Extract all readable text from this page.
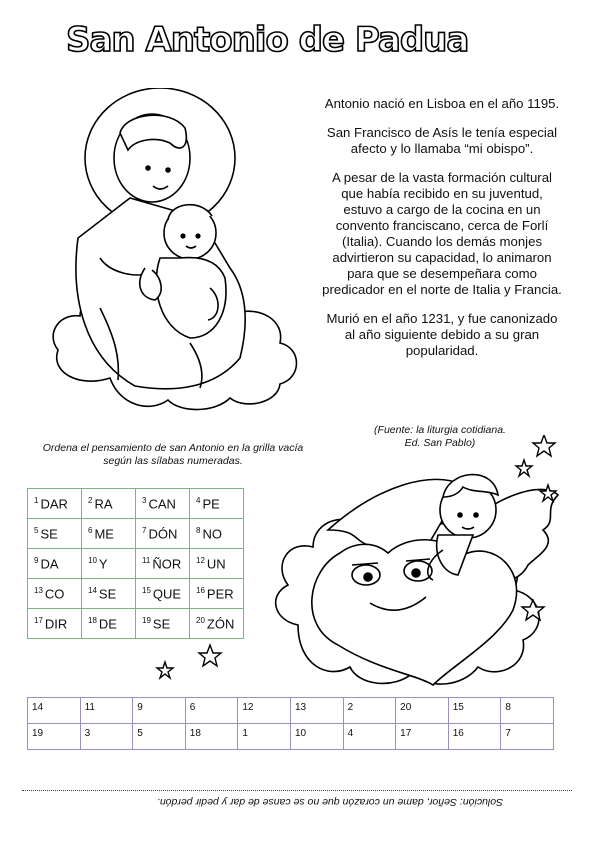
San Antonio de Padua

Antonio nació en Lisboa en el año 1195.

San Francisco de Asís le tenía especial afecto y lo llamaba “mi obispo”.

A pesar de la vasta formación cultural que había recibido en su juventud, estuvo a cargo de la cocina en un convento franciscano, cerca de Forlí (Italia). Cuando los demás monjes advirtieron su capacidad, lo animaron para que se desempeñara como predicador en el norte de Italia y Francia.

Murió en el año 1231, y fue canonizado al año siguiente debido a su gran popularidad.

(Fuente: la liturgia cotidiana.
Ed. San Pablo)
Ordena el pensamiento de san Antonio en la grilla vacía según las sílabas numeradas.
$^1$ DAR	$^2$ RA	$^3$ CAN	$^4$ PE
$^5$ SE	$^6$ ME	$^7$ DÓN	$^8$ NO
$^9$ DA	$^{10}$ Y	$^{11}$ ÑOR	$^{12}$ UN
$^{13}$ CO	$^{14}$ SE	$^{15}$ QUE	$^{16}$ PER
$^{17}$ DIR	$^{18}$ DE	$^{19}$ SE	$^{20}$ ZÓN
14	11	9	6	12	13	2	20	15	8
19	3	5	18	1	10	4	17	16	7
Solución: Señor, dame un corazón que no se canse de dar y pedir perdón.
